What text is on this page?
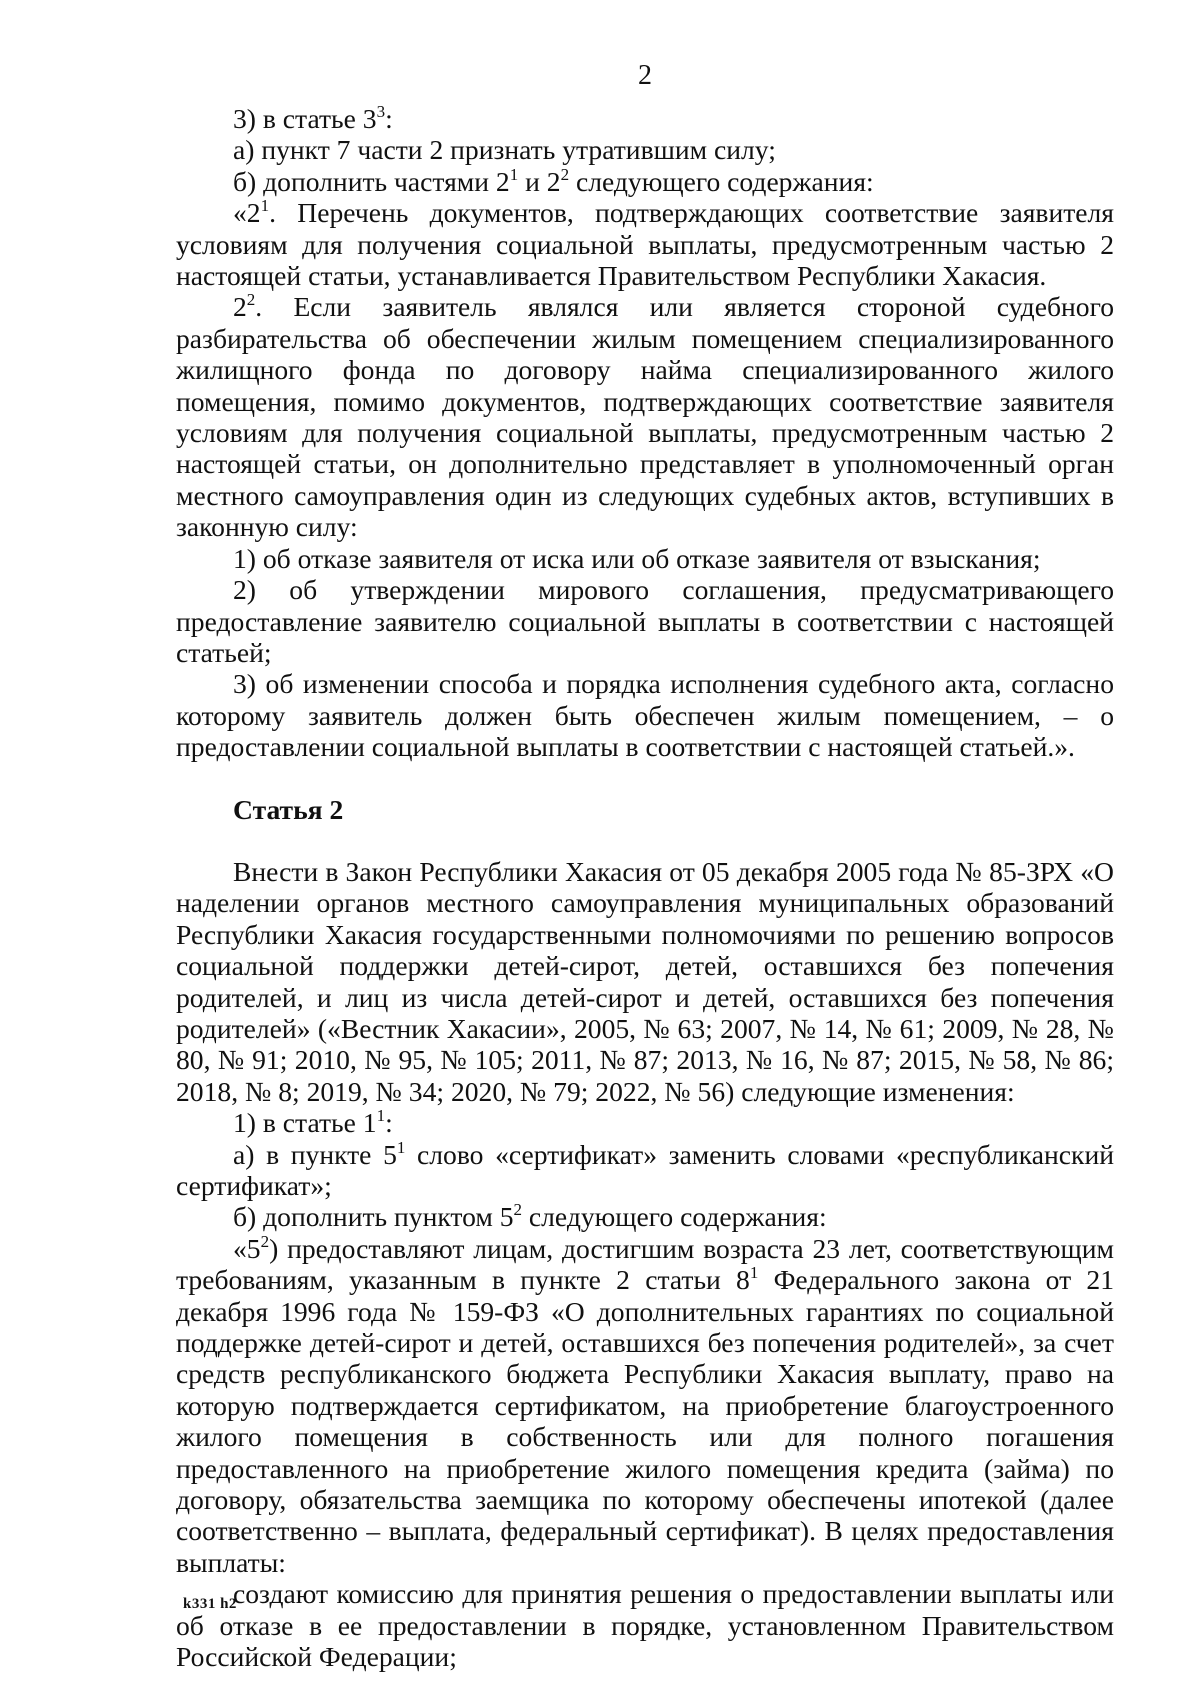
2

3) в статье $3^3$:

а) пункт 7 части 2 признать утратившим силу;

б) дополнить частями $2^1$ и $2^2$ следующего содержания:

«$2^1$. Перечень документов, подтверждающих соответствие заявителя условиям для получения социальной выплаты, предусмотренным частью 2 настоящей статьи, устанавливается Правительством Республики Хакасия.

$2^2$. Если заявитель являлся или является стороной судебного разбирательства об обеспечении жилым помещением специализированного жилищного фонда по договору найма специализированного жилого помещения, помимо документов, подтверждающих соответствие заявителя условиям для получения социальной выплаты, предусмотренным частью 2 настоящей статьи, он дополнительно представляет в уполномоченный орган местного самоуправления один из следующих судебных актов, вступивших в законную силу:

1) об отказе заявителя от иска или об отказе заявителя от взыскания;

2) об утверждении мирового соглашения, предусматривающего предоставление заявителю социальной выплаты в соответствии с настоящей статьей;

3) об изменении способа и порядка исполнения судебного акта, согласно которому заявитель должен быть обеспечен жилым помещением, – о предоставлении социальной выплаты в соответствии с настоящей статьей.».

Статья 2

Внести в Закон Республики Хакасия от 05 декабря 2005 года № 85-ЗРХ «О наделении органов местного самоуправления муниципальных образований Республики Хакасия государственными полномочиями по решению вопросов социальной поддержки детей-сирот, детей, оставшихся без попечения родителей, и лиц из числа детей-сирот и детей, оставшихся без попечения родителей» («Вестник Хакасии», 2005, № 63; 2007, № 14, № 61; 2009, № 28, № 80, № 91; 2010, № 95, № 105; 2011, № 87; 2013, № 16, № 87; 2015, № 58, № 86; 2018, № 8; 2019, № 34; 2020, № 79; 2022, № 56) следующие изменения:

1) в статье $1^1$:

а) в пункте $5^1$ слово «сертификат» заменить словами «республиканский сертификат»;

б) дополнить пунктом $5^2$ следующего содержания:

«$5^2$) предоставляют лицам, достигшим возраста 23 лет, соответствующим требованиям, указанным в пункте 2 статьи $8^1$ Федерального закона от 21 декабря 1996 года № 159-ФЗ «О дополнительных гарантиях по социальной поддержке детей-сирот и детей, оставшихся без попечения родителей», за счет средств республиканского бюджета Республики Хакасия выплату, право на которую подтверждается сертификатом, на приобретение благоустроенного жилого помещения в собственность или для полного погашения предоставленного на приобретение жилого помещения кредита (займа) по договору, обязательства заемщика по которому обеспечены ипотекой (далее соответственно – выплата, федеральный сертификат). В целях предоставления выплаты:

создают комиссию для принятия решения о предоставлении выплаты или об отказе в ее предоставлении в порядке, установленном Правительством Российской Федерации;

k331 h2
